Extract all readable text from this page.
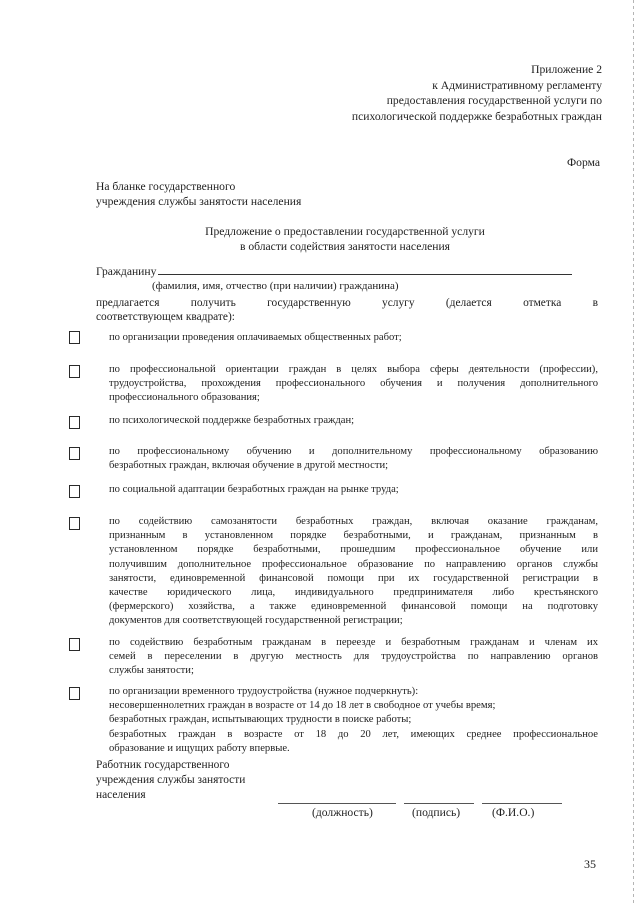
Приложение 2
к Административному регламенту
предоставления государственной услуги по
психологической поддержке безработных граждан
Форма
На бланке государственного
учреждения службы занятости населения
Предложение о предоставлении государственной услуги
в области содействия занятости населения
Гражданину
(фамилия, имя, отчество (при наличии) гражданина)
предлагается	получить	государственную	услугу	(делается	отметка	в
соответствующем квадрате):
по организации проведения оплачиваемых общественных работ;
по профессиональной ориентации граждан в целях выбора сферы деятельности (профессии),
трудоустройства, прохождения профессионального обучения и получения дополнительного
профессионального образования;
по психологической поддержке безработных граждан;
по профессиональному обучению и дополнительному профессиональному образованию
безработных граждан, включая обучение в другой местности;
по социальной адаптации безработных граждан на рынке труда;
по содействию самозанятости безработных граждан, включая оказание гражданам,
признанным в установленном порядке безработными, и гражданам, признанным в
установленном порядке безработными, прошедшим профессиональное обучение или
получившим дополнительное профессиональное образование по направлению органов службы
занятости, единовременной финансовой помощи при их государственной регистрации в
качестве юридического лица, индивидуального предпринимателя либо крестьянского
(фермерского) хозяйства, а также единовременной финансовой помощи на подготовку
документов для соответствующей государственной регистрации;
по содействию безработным гражданам в переезде и безработным гражданам и членам их
семей в переселении в другую местность для трудоустройства по направлению органов
службы занятости;
по организации временного трудоустройства (нужное подчеркнуть):
несовершеннолетних граждан в возрасте от 14 до 18 лет в свободное от учебы время;
безработных граждан, испытывающих трудности в поиске работы;
безработных граждан в возрасте от 18 до 20 лет, имеющих среднее профессиональное
образование и ищущих работу впервые.
Работник государственного
учреждения службы занятости
населения
(должность)	(подпись)	(Ф.И.О.)
35
